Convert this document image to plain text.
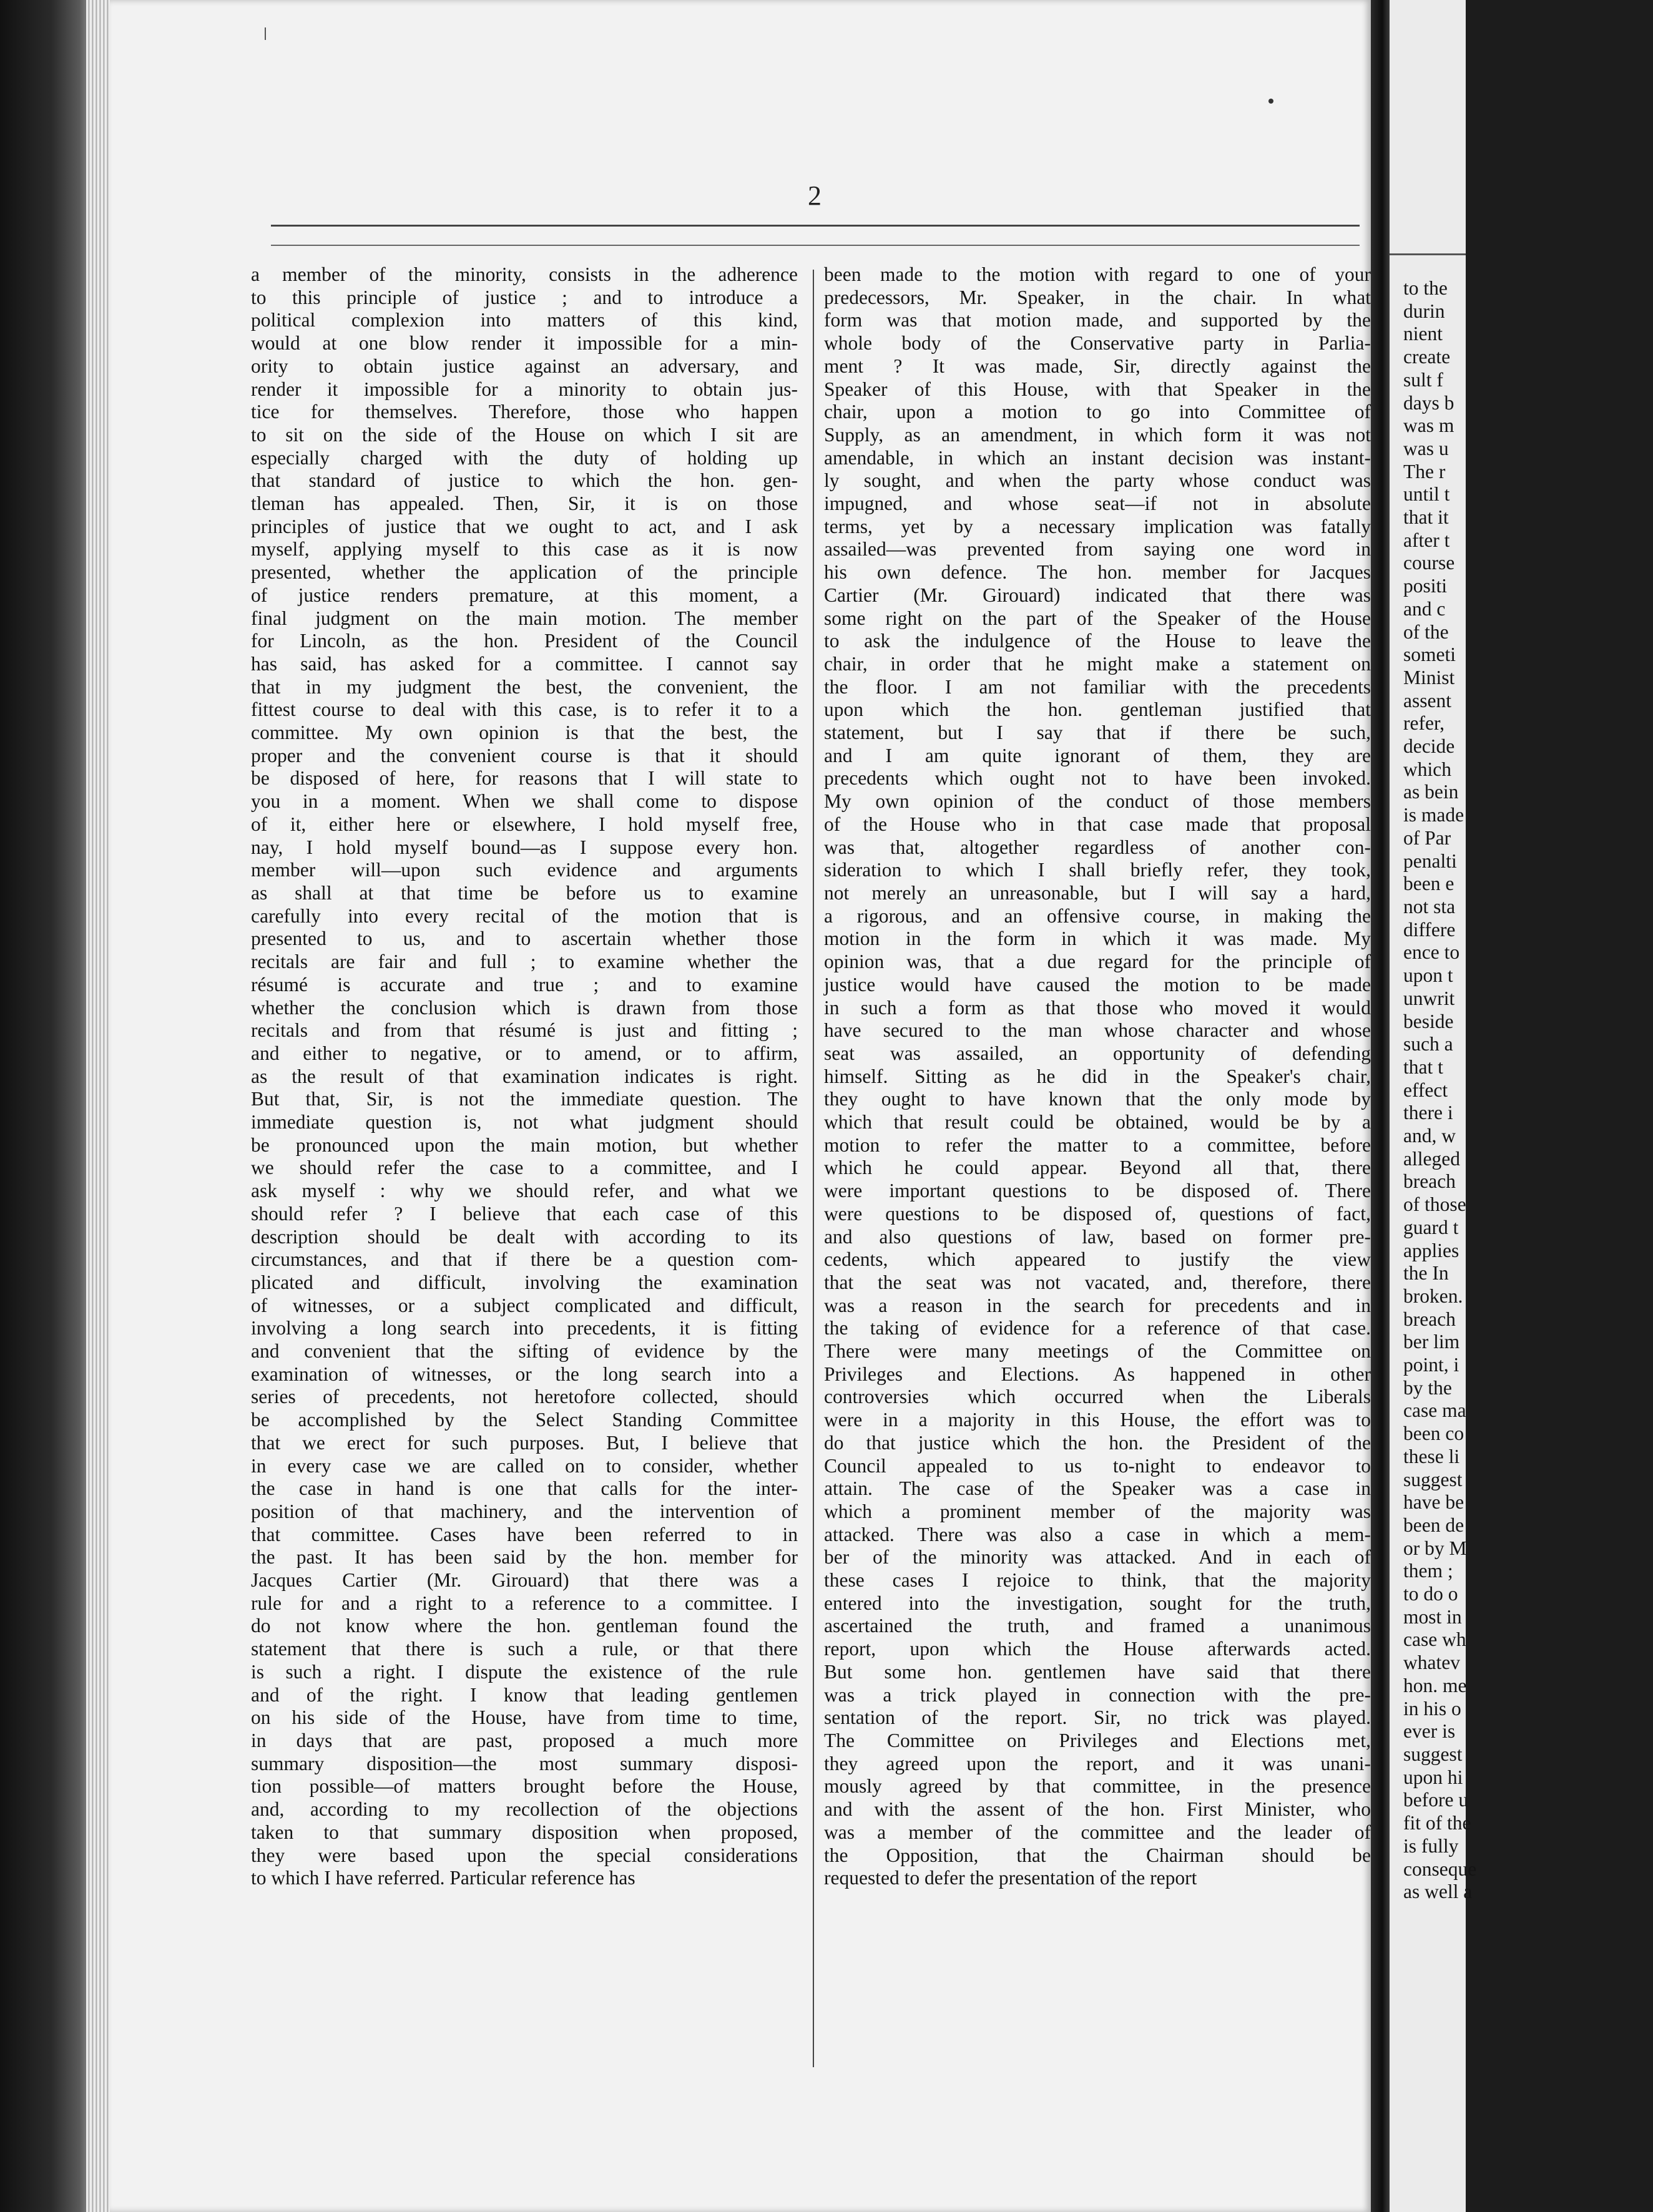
2

a member of the minority, consists in the adherence

to this principle of justice ; and to introduce a

political complexion into matters of this kind,

would at one blow render it impossible for a min-

ority to obtain justice against an adversary, and

render it impossible for a minority to obtain jus-

tice for themselves. Therefore, those who happen

to sit on the side of the House on which I sit are

especially charged with the duty of holding up

that standard of justice to which the hon. gen-

tleman has appealed. Then, Sir, it is on those

principles of justice that we ought to act, and I ask

myself, applying myself to this case as it is now

presented, whether the application of the principle

of justice renders premature, at this moment, a

final judgment on the main motion. The member

for Lincoln, as the hon. President of the Council

has said, has asked for a committee. I cannot say

that in my judgment the best, the convenient, the

fittest course to deal with this case, is to refer it to a

committee. My own opinion is that the best, the

proper and the convenient course is that it should

be disposed of here, for reasons that I will state to

you in a moment. When we shall come to dispose

of it, either here or elsewhere, I hold myself free,

nay, I hold myself bound—as I suppose every hon.

member will—upon such evidence and arguments

as shall at that time be before us to examine

carefully into every recital of the motion that is

presented to us, and to ascertain whether those

recitals are fair and full ; to examine whether the

résumé is accurate and true ; and to examine

whether the conclusion which is drawn from those

recitals and from that résumé is just and fitting ;

and either to negative, or to amend, or to affirm,

as the result of that examination indicates is right.

But that, Sir, is not the immediate question. The

immediate question is, not what judgment should

be pronounced upon the main motion, but whether

we should refer the case to a committee, and I

ask myself : why we should refer, and what we

should refer ? I believe that each case of this

description should be dealt with according to its

circumstances, and that if there be a question com-

plicated and difficult, involving the examination

of witnesses, or a subject complicated and difficult,

involving a long search into precedents, it is fitting

and convenient that the sifting of evidence by the

examination of witnesses, or the long search into a

series of precedents, not heretofore collected, should

be accomplished by the Select Standing Committee

that we erect for such purposes. But, I believe that

in every case we are called on to consider, whether

the case in hand is one that calls for the inter-

position of that machinery, and the intervention of

that committee. Cases have been referred to in

the past. It has been said by the hon. member for

Jacques Cartier (Mr. Girouard) that there was a

rule for and a right to a reference to a committee. I

do not know where the hon. gentleman found the

statement that there is such a rule, or that there

is such a right. I dispute the existence of the rule

and of the right. I know that leading gentlemen

on his side of the House, have from time to time,

in days that are past, proposed a much more

summary disposition—the most summary disposi-

tion possible—of matters brought before the House,

and, according to my recollection of the objections

taken to that summary disposition when proposed,

they were based upon the special considerations

to which I have referred. Particular reference has

been made to the motion with regard to one of your

predecessors, Mr. Speaker, in the chair. In what

form was that motion made, and supported by the

whole body of the Conservative party in Parlia-

ment ? It was made, Sir, directly against the

Speaker of this House, with that Speaker in the

chair, upon a motion to go into Committee of

Supply, as an amendment, in which form it was not

amendable, in which an instant decision was instant-

ly sought, and when the party whose conduct was

impugned, and whose seat—if not in absolute

terms, yet by a necessary implication was fatally

assailed—was prevented from saying one word in

his own defence. The hon. member for Jacques

Cartier (Mr. Girouard) indicated that there was

some right on the part of the Speaker of the House

to ask the indulgence of the House to leave the

chair, in order that he might make a statement on

the floor. I am not familiar with the precedents

upon which the hon. gentleman justified that

statement, but I say that if there be such,

and I am quite ignorant of them, they are

precedents which ought not to have been invoked.

My own opinion of the conduct of those members

of the House who in that case made that proposal

was that, altogether regardless of another con-

sideration to which I shall briefly refer, they took,

not merely an unreasonable, but I will say a hard,

a rigorous, and an offensive course, in making the

motion in the form in which it was made. My

opinion was, that a due regard for the principle of

justice would have caused the motion to be made

in such a form as that those who moved it would

have secured to the man whose character and whose

seat was assailed, an opportunity of defending

himself. Sitting as he did in the Speaker's chair,

they ought to have known that the only mode by

which that result could be obtained, would be by a

motion to refer the matter to a committee, before

which he could appear. Beyond all that, there

were important questions to be disposed of. There

were questions to be disposed of, questions of fact,

and also questions of law, based on former pre-

cedents, which appeared to justify the view

that the seat was not vacated, and, therefore, there

was a reason in the search for precedents and in

the taking of evidence for a reference of that case.

There were many meetings of the Committee on

Privileges and Elections. As happened in other

controversies which occurred when the Liberals

were in a majority in this House, the effort was to

do that justice which the hon. the President of the

Council appealed to us to-night to endeavor to

attain. The case of the Speaker was a case in

which a prominent member of the majority was

attacked. There was also a case in which a mem-

ber of the minority was attacked. And in each of

these cases I rejoice to think, that the majority

entered into the investigation, sought for the truth,

ascertained the truth, and framed a unanimous

report, upon which the House afterwards acted.

But some hon. gentlemen have said that there

was a trick played in connection with the pre-

sentation of the report. Sir, no trick was played.

The Committee on Privileges and Elections met,

they agreed upon the report, and it was unani-

mously agreed by that committee, in the presence

and with the assent of the hon. First Minister, who

was a member of the committee and the leader of

the Opposition, that the Chairman should be

requested to defer the presentation of the report

to the

durin

nient

create

sult f

days b

was m

was u

The r

until t

that it

after t

course

positi

and c

of the

someti

Minist

assent

refer,

decide

which

as bein

is made

of Par

penalti

been e

not sta

differe

ence to

upon t

unwrit

beside

such a

that t

effect

there i

and, w

alleged

breach

of those

guard t

applies

the In

broken.

breach

ber lim

point, i

by the

case ma

been co

these li

suggest

have be

been de

or by M

them ;

to do o

most in

case wh

whatev

hon. me

in his o

ever is

suggest

upon hi

before u

fit of the

is fully

conseque

as well a
